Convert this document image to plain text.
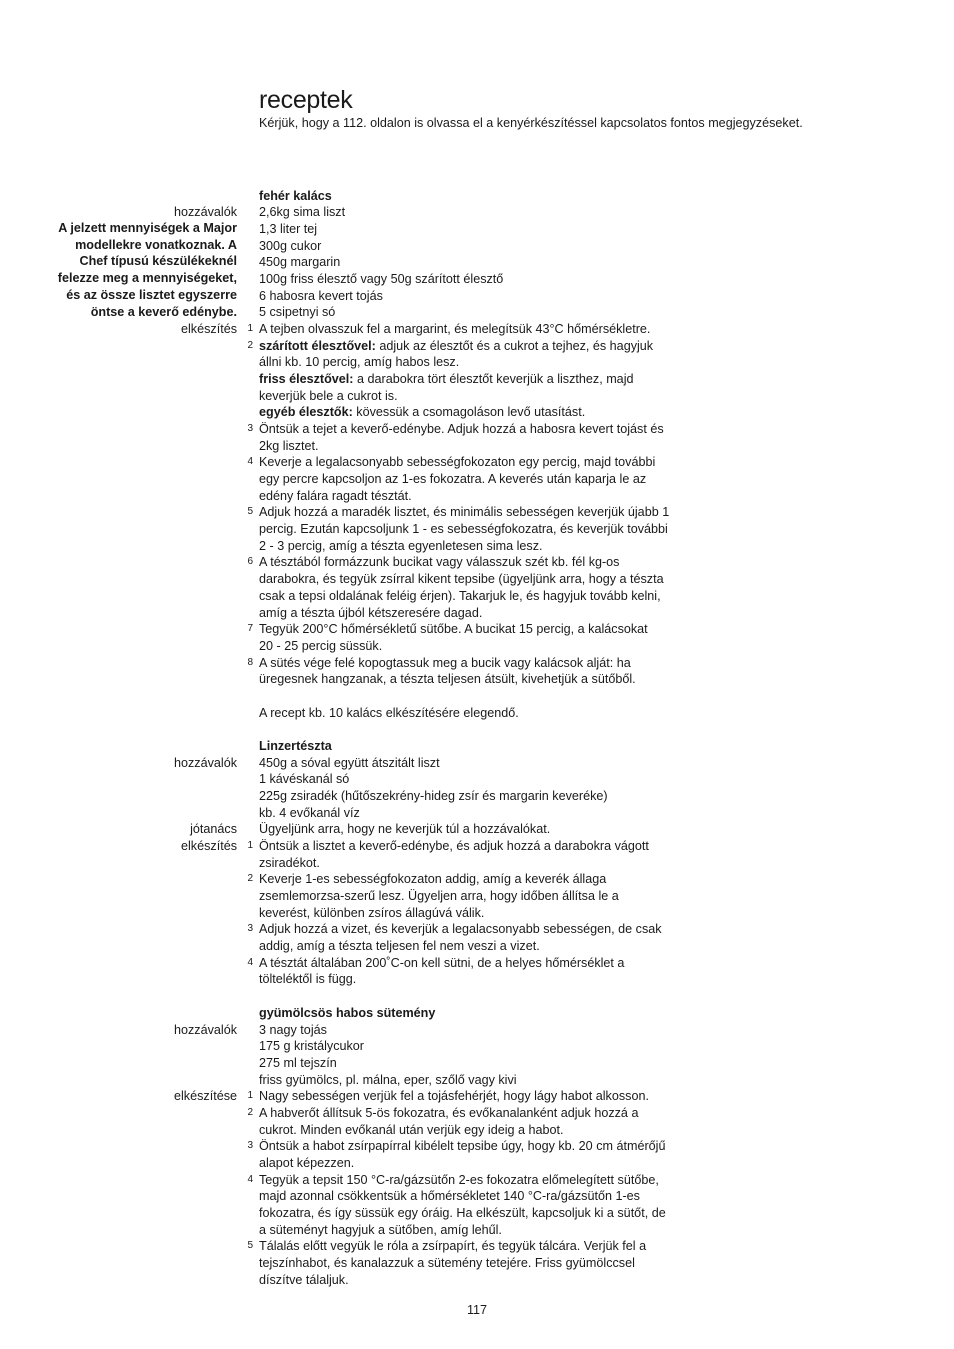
receptek
Kérjük, hogy a 112. oldalon is olvassa el a kenyérkészítéssel kapcsolatos fontos megjegyzéseket.
A jelzett mennyiségek a Major
modellekre vonatkoznak. A
Chef típusú készülékeknél
felezze meg a mennyiségeket,
és az össze lisztet egyszerre
öntse a keverő edénybe.
fehér kalács
hozzávalók 2,6kg sima liszt
1,3 liter tej
300g cukor
450g margarin
100g friss élesztő vagy 50g szárított élesztő
6 habosra kevert tojás
5 csipetnyi só
elkészítés	1 A tejben olvasszuk fel a margarint, és melegítsük 43°C hőmérsékletre.
2 szárított élesztővel: adjuk az élesztőt és a cukrot a tejhez, és hagyjuk
állni kb. 10 percig, amíg habos lesz.
friss élesztővel: a darabokra tört élesztőt keverjük a liszthez, majd
keverjük bele a cukrot is.
egyéb élesztők: kövessük a csomagoláson levő utasítást.
3 Öntsük a tejet a keverő-edénybe. Adjuk hozzá a habosra kevert tojást és
2kg lisztet.
4 Keverje a legalacsonyabb sebességfokozaton egy percig, majd további
egy percre kapcsoljon az 1-es fokozatra. A keverés után kaparja le az
edény falára ragadt tésztát.
5 Adjuk hozzá a maradék lisztet, és minimális sebességen keverjük újabb 1
percig. Ezután kapcsoljunk 1 - es sebességfokozatra, és keverjük további
2 - 3 percig, amíg a tészta egyenletesen sima lesz.
6 A tésztából formázzunk bucikat vagy válasszuk szét kb. fél kg-os
darabokra, és tegyük zsírral kikent tepsibe (ügyeljünk arra, hogy a tészta
csak a tepsi oldalának feléig érjen). Takarjuk le, és hagyjuk tovább kelni,
amíg a tészta újból kétszeresére dagad.
7 Tegyük 200°C hőmérsékletű sütőbe. A bucikat 15 percig, a kalácsokat
20 - 25 percig süssük.
8 A sütés vége felé kopogtassuk meg a bucik vagy kalácsok alját: ha
üregesnek hangzanak, a tészta teljesen átsült, kivehetjük a sütőből.
A recept kb. 10 kalács elkészítésére elegendő.
Linzertészta
hozzávalók 450g a sóval együtt átszitált liszt
1 kávéskanál só
225g zsiradék (hűtőszekrény-hideg zsír és margarin keveréke)
kb. 4 evőkanál víz
jótanács Ügyeljünk arra, hogy ne keverjük túl a hozzávalókat.
elkészítés	1 Öntsük a lisztet a keverő-edénybe, és adjuk hozzá a darabokra vágott
zsiradékot.
2 Keverje 1-es sebességfokozaton addig, amíg a keverék állaga
zsemlemorzsa-szerű lesz. Ügyeljen arra, hogy időben állítsa le a
keverést, különben zsíros állagúvá válik.
3 Adjuk hozzá a vizet, és keverjük a legalacsonyabb sebességen, de csak
addig, amíg a tészta teljesen fel nem veszi a vizet.
4 A tésztát általában 200˚C-on kell sütni, de a helyes hőmérséklet a
tölteléktől is függ.
gyümölcsös habos sütemény
hozzávalók 3 nagy tojás
175 g kristálycukor
275 ml tejszín
friss gyümölcs, pl. málna, eper, szőlő vagy kivi
elkészítése	1 Nagy sebességen verjük fel a tojásfehérjét, hogy lágy habot alkosson.
2 A habverőt állítsuk 5-ös fokozatra, és evőkanalanként adjuk hozzá a
cukrot. Minden evőkanál után verjük egy ideig a habot.
3 Öntsük a habot zsírpapírral kibélelt tepsibe úgy, hogy kb. 20 cm átmérőjű
alapot képezzen.
4 Tegyük a tepsit 150 °C-ra/gázsütőn 2-es fokozatra előmelegített sütőbe,
majd azonnal csökkentsük a hőmérsékletet 140 °C-ra/gázsütőn 1-es
fokozatra, és így süssük egy óráig. Ha elkészült, kapcsoljuk ki a sütőt, de
a süteményt hagyjuk a sütőben, amíg lehűl.
5 Tálalás előtt vegyük le róla a zsírpapírt, és tegyük tálcára. Verjük fel a
tejszínhabot, és kanalazzuk a sütemény tetejére. Friss gyümölccsel
díszítve tálaljuk.
117
